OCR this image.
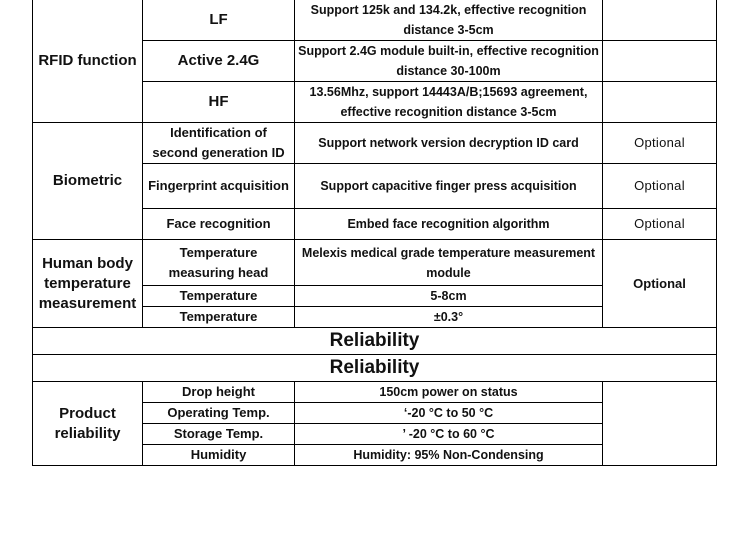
RFID function	LF	Support 125k and 134.2k, effective recognition distance 3-5cm	
	Active 2.4G	Support 2.4G module built-in, effective recognition distance 30-100m	
	HF	13.56Mhz, support 14443A/B;15693 agreement, effective recognition distance 3-5cm	
Biometric	Identification of second generation ID	Support network version decryption ID card	Optional
	Fingerprint acquisition	Support capacitive finger press acquisition	Optional
	Face recognition	Embed face recognition algorithm	Optional
Human body temperature measurement	Temperature measuring head	Melexis medical grade temperature measurement module	Optional
	Temperature	5-8cm	
	Temperature	±0.3°	
Reliability			
Reliability			
Product reliability	Drop height	150cm power on status	
	Operating Temp.	‘-20 °C to 50 °C	
	Storage Temp.	’ -20 °C to 60 °C	
	Humidity	Humidity: 95% Non-Condensing	
